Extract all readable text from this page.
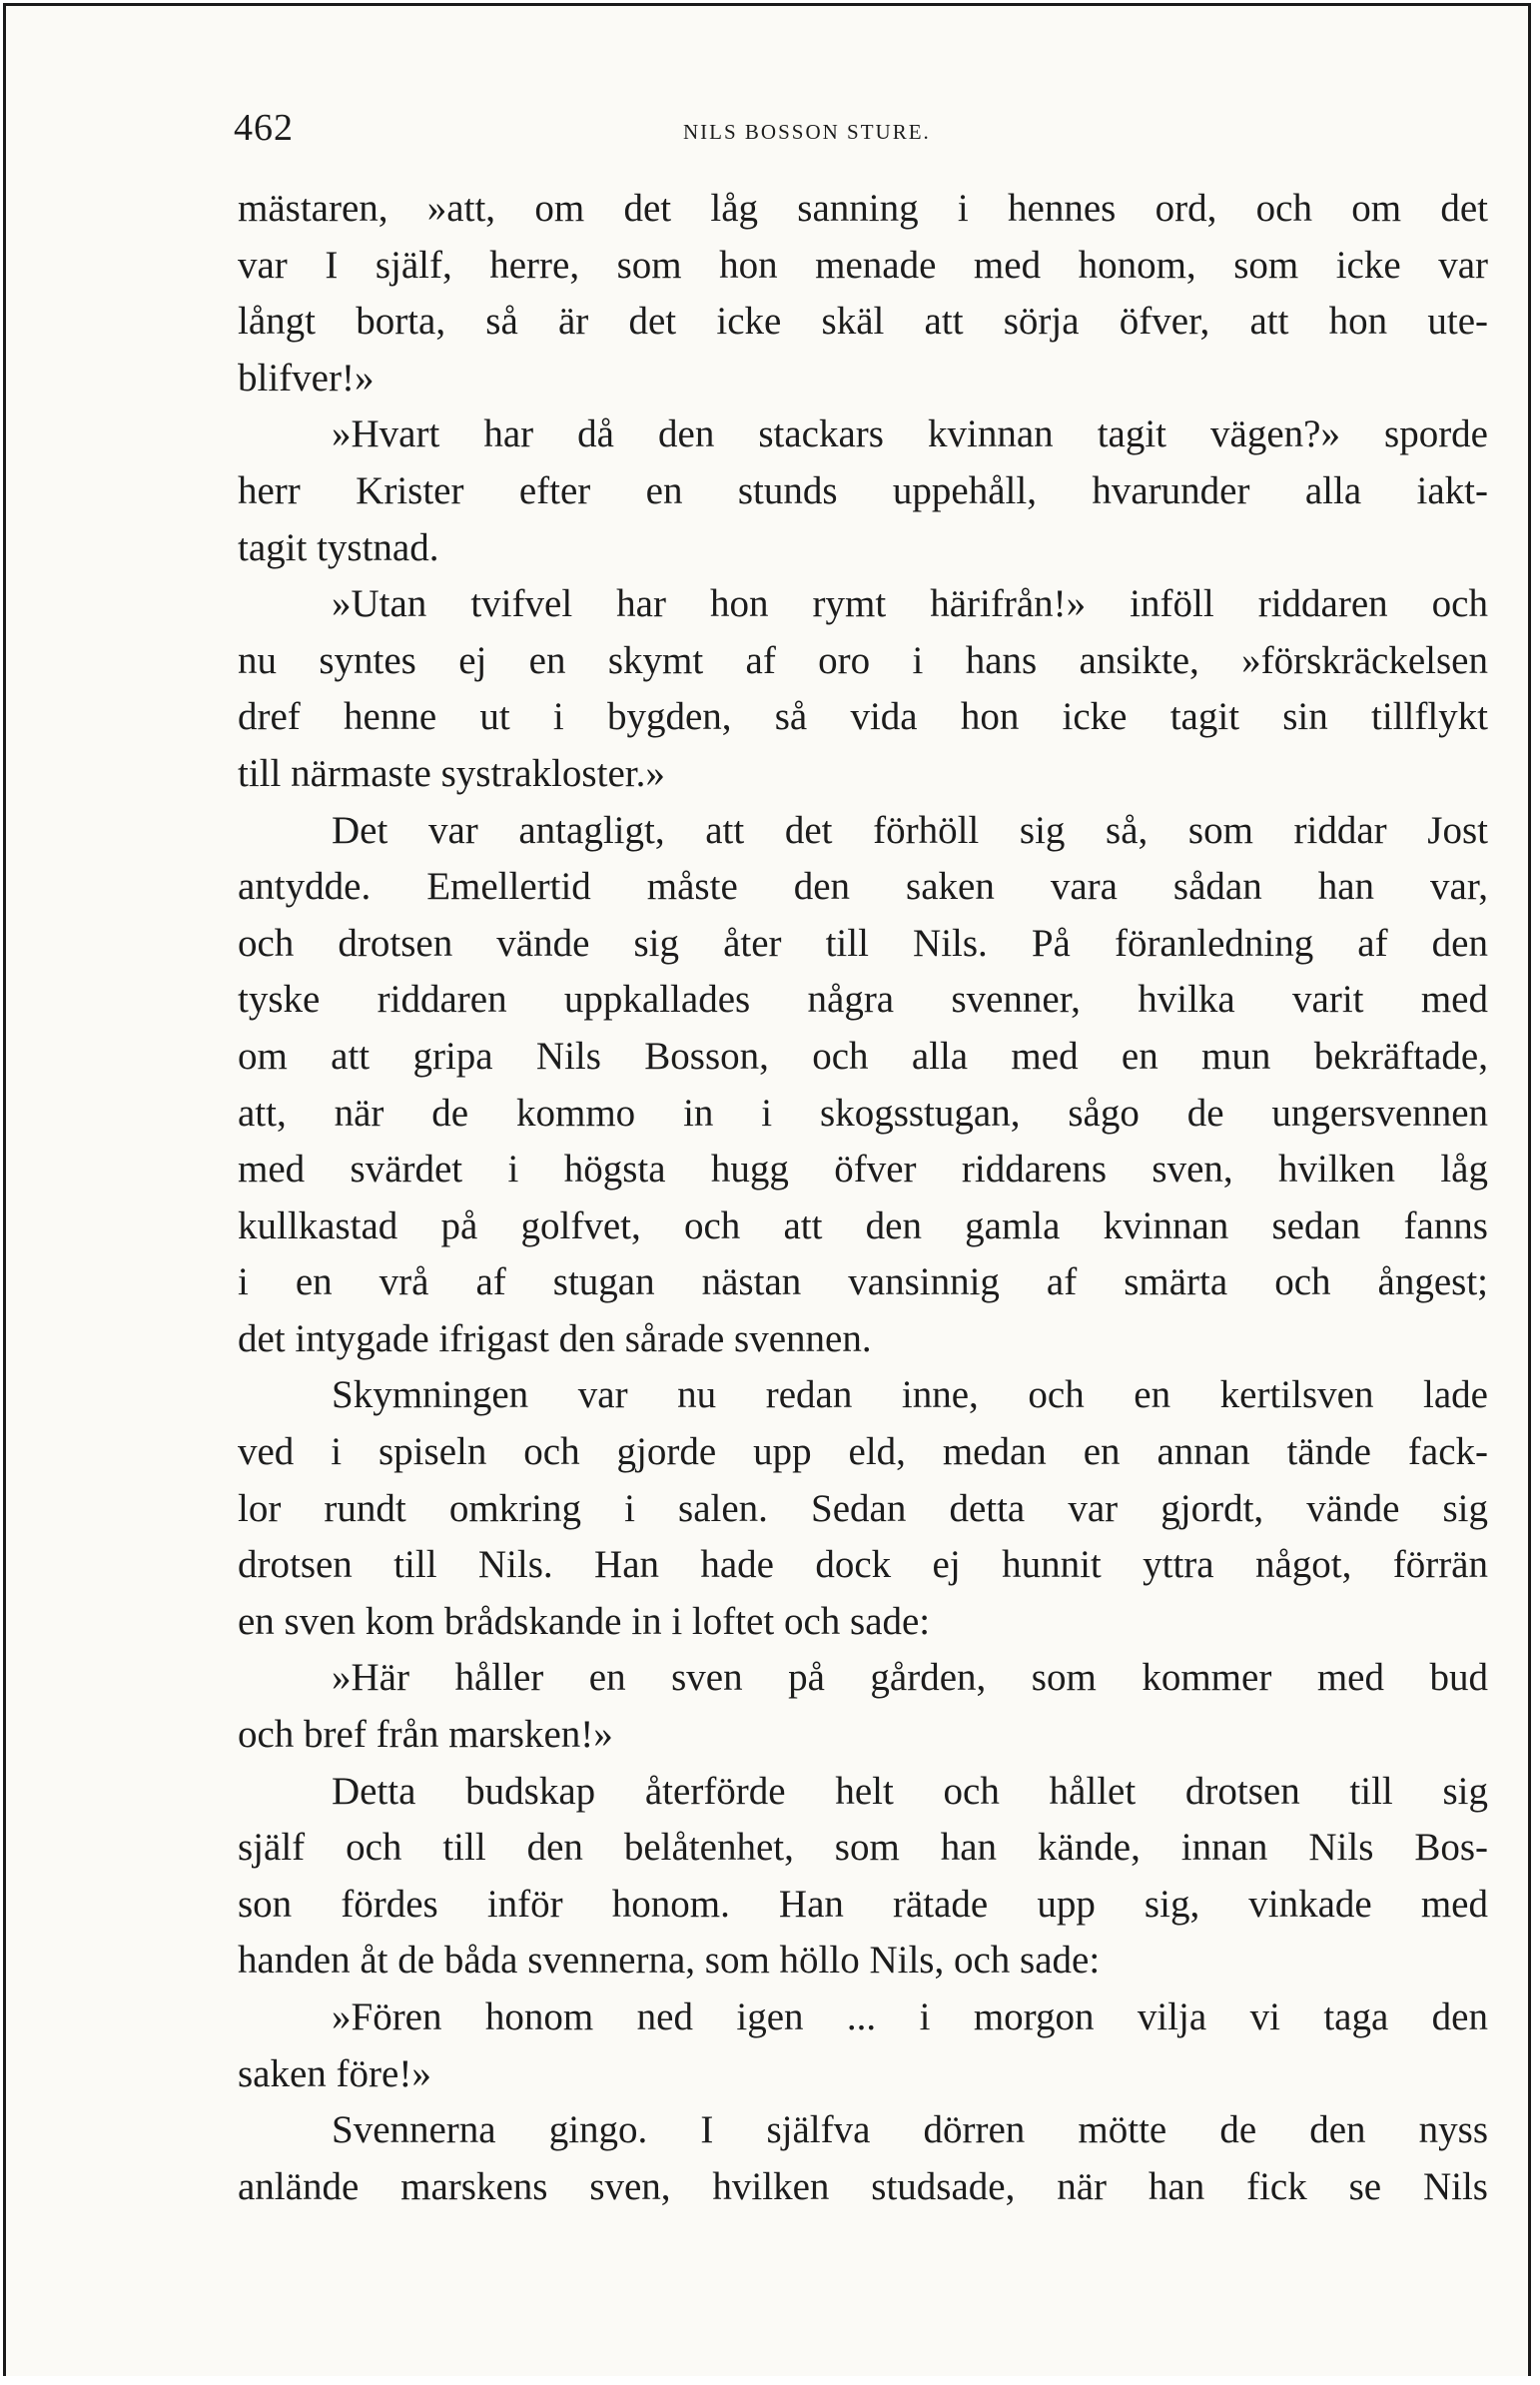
462	NILS BOSSON STURE.
mästaren, »att, om det låg sanning i hennes ord, och om det
var I själf, herre, som hon menade med honom, som icke var
långt borta, så är det icke skäl att sörja öfver, att hon ute-
blifver!»
»Hvart har då den stackars kvinnan tagit vägen?» sporde
herr Krister efter en stunds uppehåll, hvarunder alla iakt-
tagit tystnad.
»Utan tvifvel har hon rymt härifrån!» inföll riddaren och
nu syntes ej en skymt af oro i hans ansikte, »förskräckelsen
dref henne ut i bygden, så vida hon icke tagit sin tillflykt
till närmaste systrakloster.»
Det var antagligt, att det förhöll sig så, som riddar Jost
antydde. Emellertid måste den saken vara sådan han var,
och drotsen vände sig åter till Nils. På föranledning af den
tyske riddaren uppkallades några svenner, hvilka varit med
om att gripa Nils Bosson, och alla med en mun bekräftade,
att, när de kommo in i skogsstugan, sågo de ungersvennen
med svärdet i högsta hugg öfver riddarens sven, hvilken låg
kullkastad på golfvet, och att den gamla kvinnan sedan fanns
i en vrå af stugan nästan vansinnig af smärta och ångest;
det intygade ifrigast den sårade svennen.
Skymningen var nu redan inne, och en kertilsven lade
ved i spiseln och gjorde upp eld, medan en annan tände fack-
lor rundt omkring i salen. Sedan detta var gjordt, vände sig
drotsen till Nils. Han hade dock ej hunnit yttra något, förrän
en sven kom brådskande in i loftet och sade:
»Här håller en sven på gården, som kommer med bud
och bref från marsken!»
Detta budskap återförde helt och hållet drotsen till sig
själf och till den belåtenhet, som han kände, innan Nils Bos-
son fördes inför honom. Han rätade upp sig, vinkade med
handen åt de båda svennerna, som höllo Nils, och sade:
»Fören honom ned igen ... i morgon vilja vi taga den
saken före!»
Svennerna gingo. I själfva dörren mötte de den nyss
anlände marskens sven, hvilken studsade, när han fick se Nils
